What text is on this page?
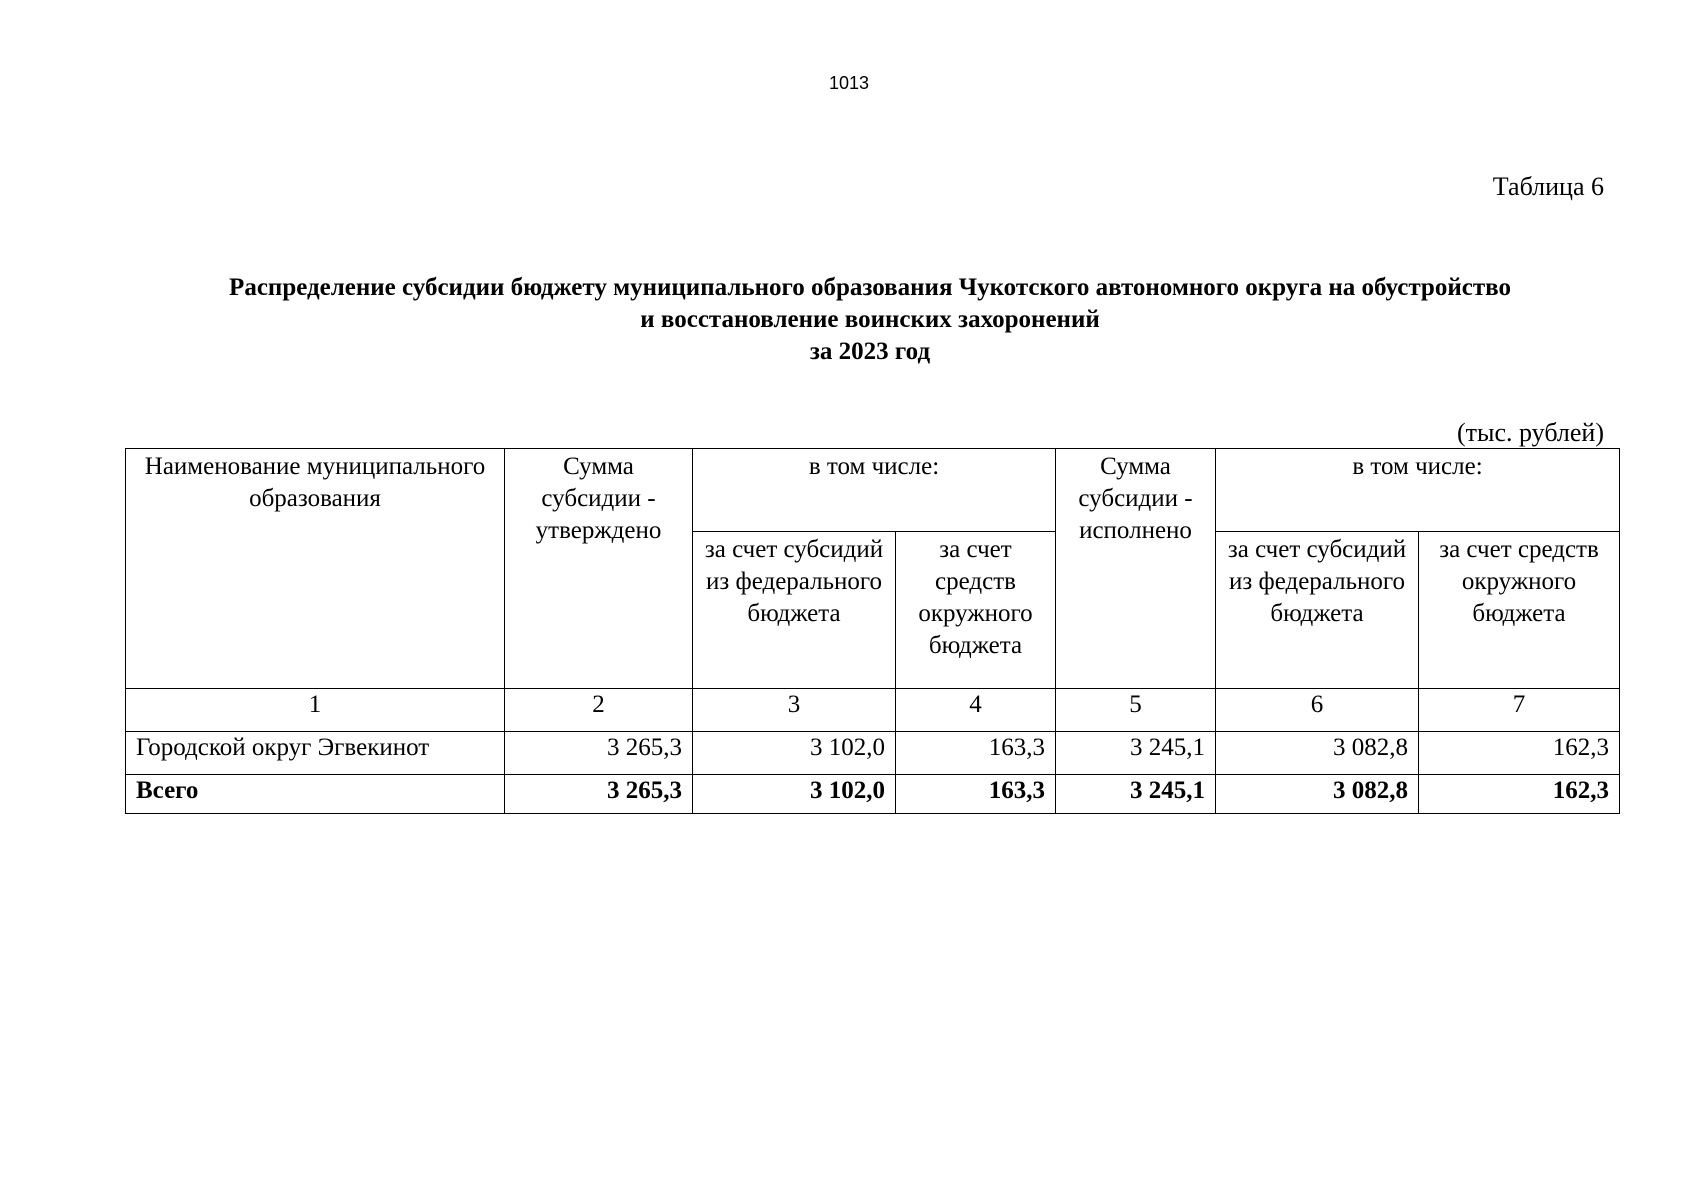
1013
Таблица 6
Распределение субсидии бюджету муниципального образования Чукотского автономного округа на обустройство
и восстановление воинских захоронений
за 2023 год
(тыс. рублей)
Наименование муниципального образования	Сумма субсидии - утверждено	в том числе:		Сумма субсидии - исполнено	в том числе:	
		за счет субсидий из федерального бюджета	за счет средств окружного бюджета		за счет субсидий из федерального бюджета	за счет средств окружного бюджета
1	2	3	4	5	6	7
Городской округ Эгвекинот	3 265,3	3 102,0	163,3	3 245,1	3 082,8	162,3
Всего	3 265,3	3 102,0	163,3	3 245,1	3 082,8	162,3
